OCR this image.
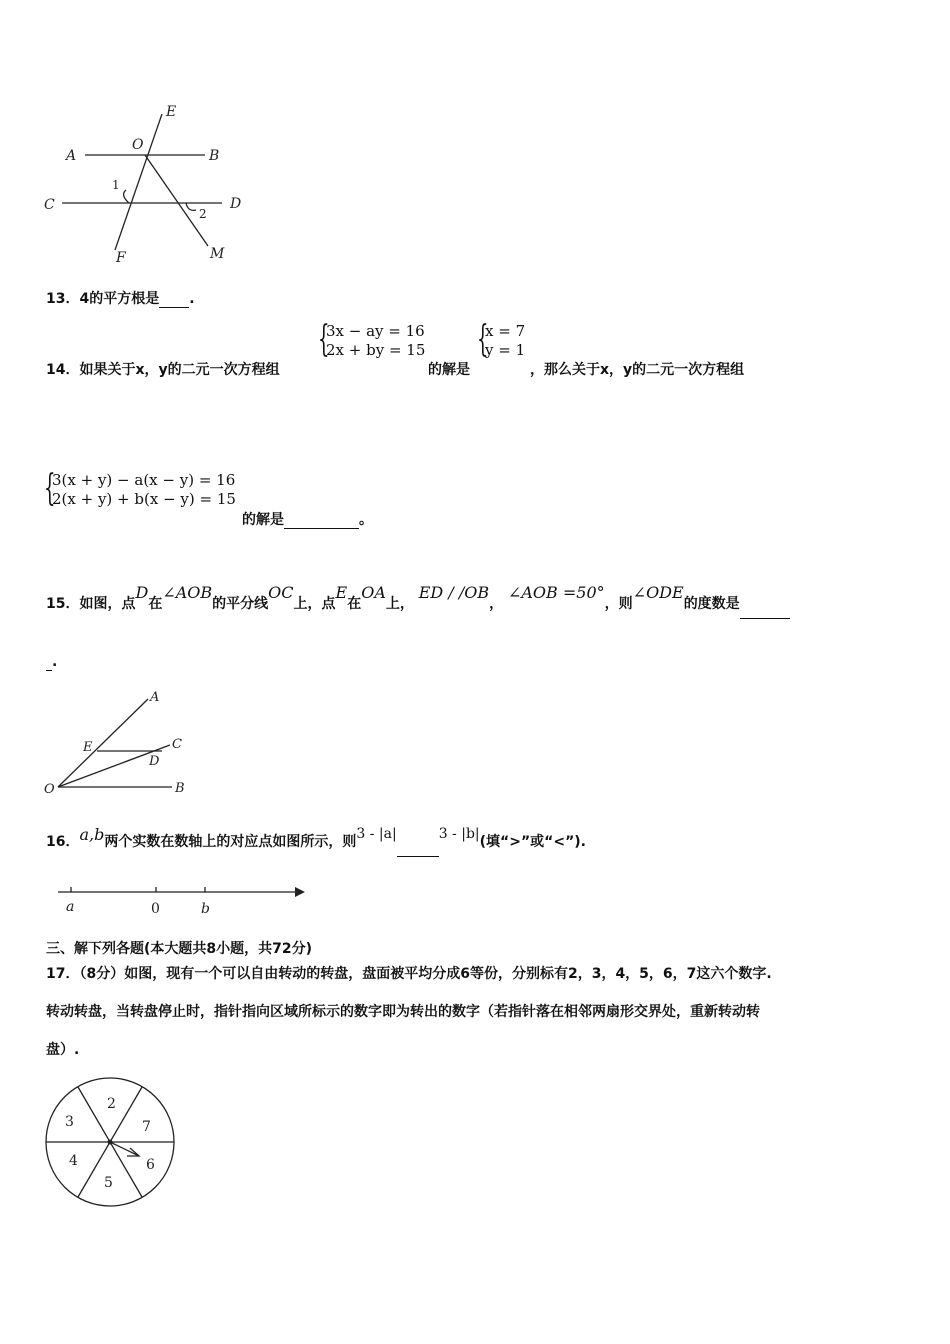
E
O
A	B
C	D
F	M
1
2
13．4的平方根是 .
14．如果关于x，y的二元一次方程组
{
3x − ay = 16
2x + by = 15
的解是
{
x = 7
y = 1
，那么关于x，y的二元一次方程组
{
3(x + y) − a(x − y) = 16
2(x + y) + b(x − y) = 15
的解是	。
15．如图，点D在∠AOB的平分线OC上，点E在OA上， ED / /OB， ∠AOB =50°，则∠ODE的度数是
.
A
E	C
D
O	B
16．a,b两个实数在数轴上的对应点如图所示，则3 - |a|	3 - |b|(填“>”或“<”).
a	0	b
三、解下列各题(本大题共8小题，共72分)
17．（8分）如图，现有一个可以自由转动的转盘，盘面被平均分成6等份，分别标有2，3，4，5，6，7这六个数字.
转动转盘，当转盘停止时，指针指向区域所标示的数字即为转出的数字（若指针落在相邻两扇形交界处，重新转动转
盘）.
2
7
6
5
4
3
